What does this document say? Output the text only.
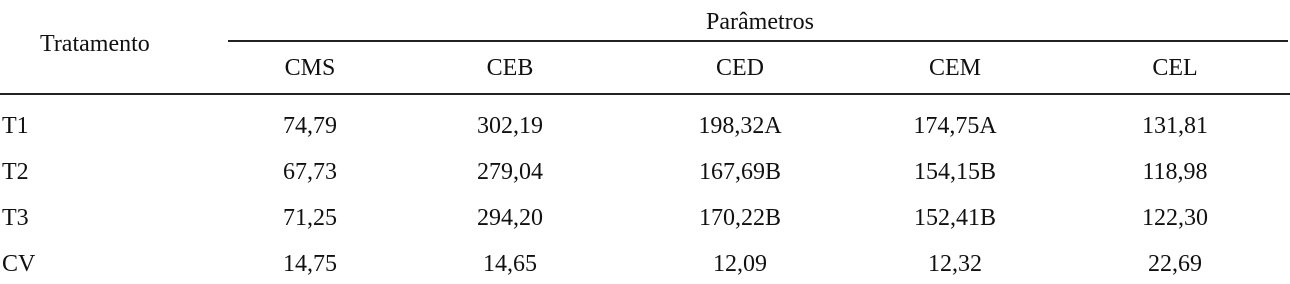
Tratamento
Parâmetros
CMS	CEB	CED	CEM	CEL
T1	74,79	302,19	198,32A	174,75A	131,81
T2	67,73	279,04	167,69B	154,15B	118,98
T3	71,25	294,20	170,22B	152,41B	122,30
CV	14,75	14,65	12,09	12,32	22,69
